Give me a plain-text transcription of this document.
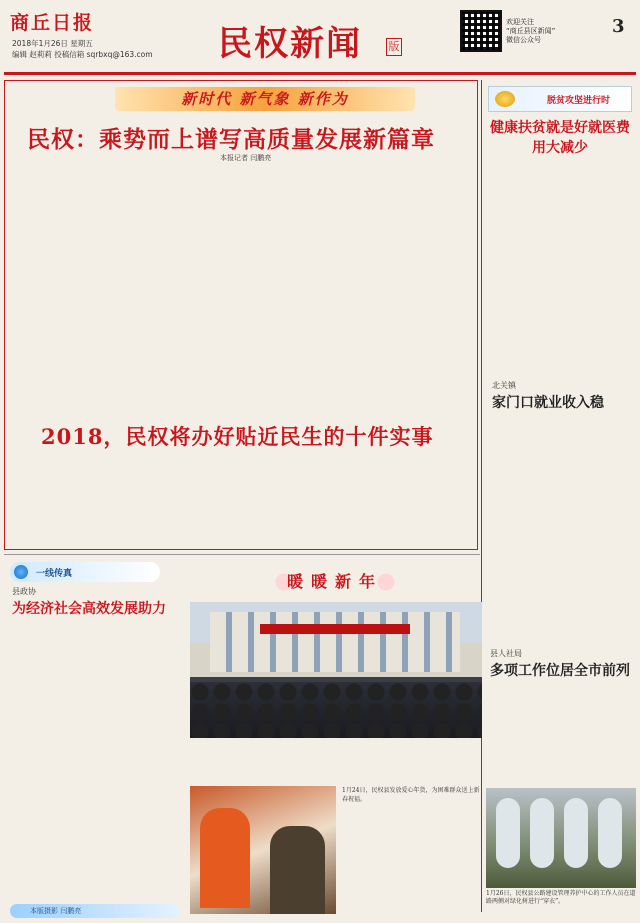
商丘日报
2018年1月26日 星期五
编辑 赵莉莉 投稿信箱 sqrbxq@163.com 民权新闻 版
欢迎关注
“商丘县区新闻”
微信公众号
3
新时代 新气象 新作为
民权：乘势而上谱写高质量发展新篇章
本报记者 闫鹏亮

2018，民权将办好贴近民生的十件实事
脱贫攻坚进行时
健康扶贫就是好就医费用大减少
北关镇
家门口就业收入稳
一线传真
县政协
为经济社会高效发展助力
本版摄影 闫鹏亮
暖暖新年
1月24日，民权县发放爱心年货，为困难群众送上新春祝福。
县人社局
多项工作位居全市前列
1月26日，民权县公路建设管理养护中心的工作人员在道路两侧对绿化树进行“穿衣”。
